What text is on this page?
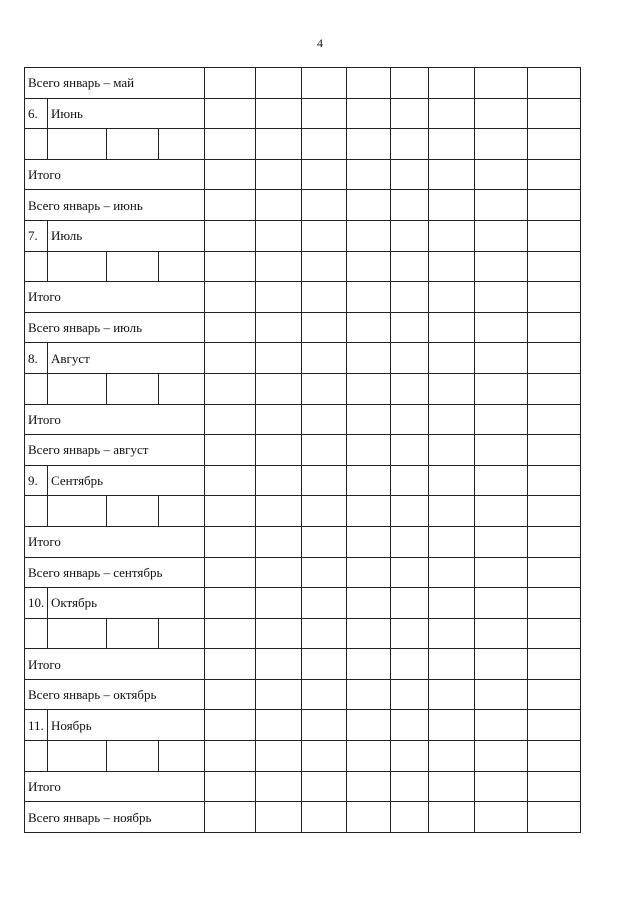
4
Всего январь – май											
6.	Июнь										

Итого											
Всего январь – июнь											
7.	Июль										

Итого											
Всего январь – июль											
8.	Август										

Итого											
Всего январь – август											
9.	Сентябрь										

Итого											
Всего январь – сентябрь											
10.	Октябрь										

Итого											
Всего январь – октябрь											
11.	Ноябрь										

Итого											
Всего январь – ноябрь											
